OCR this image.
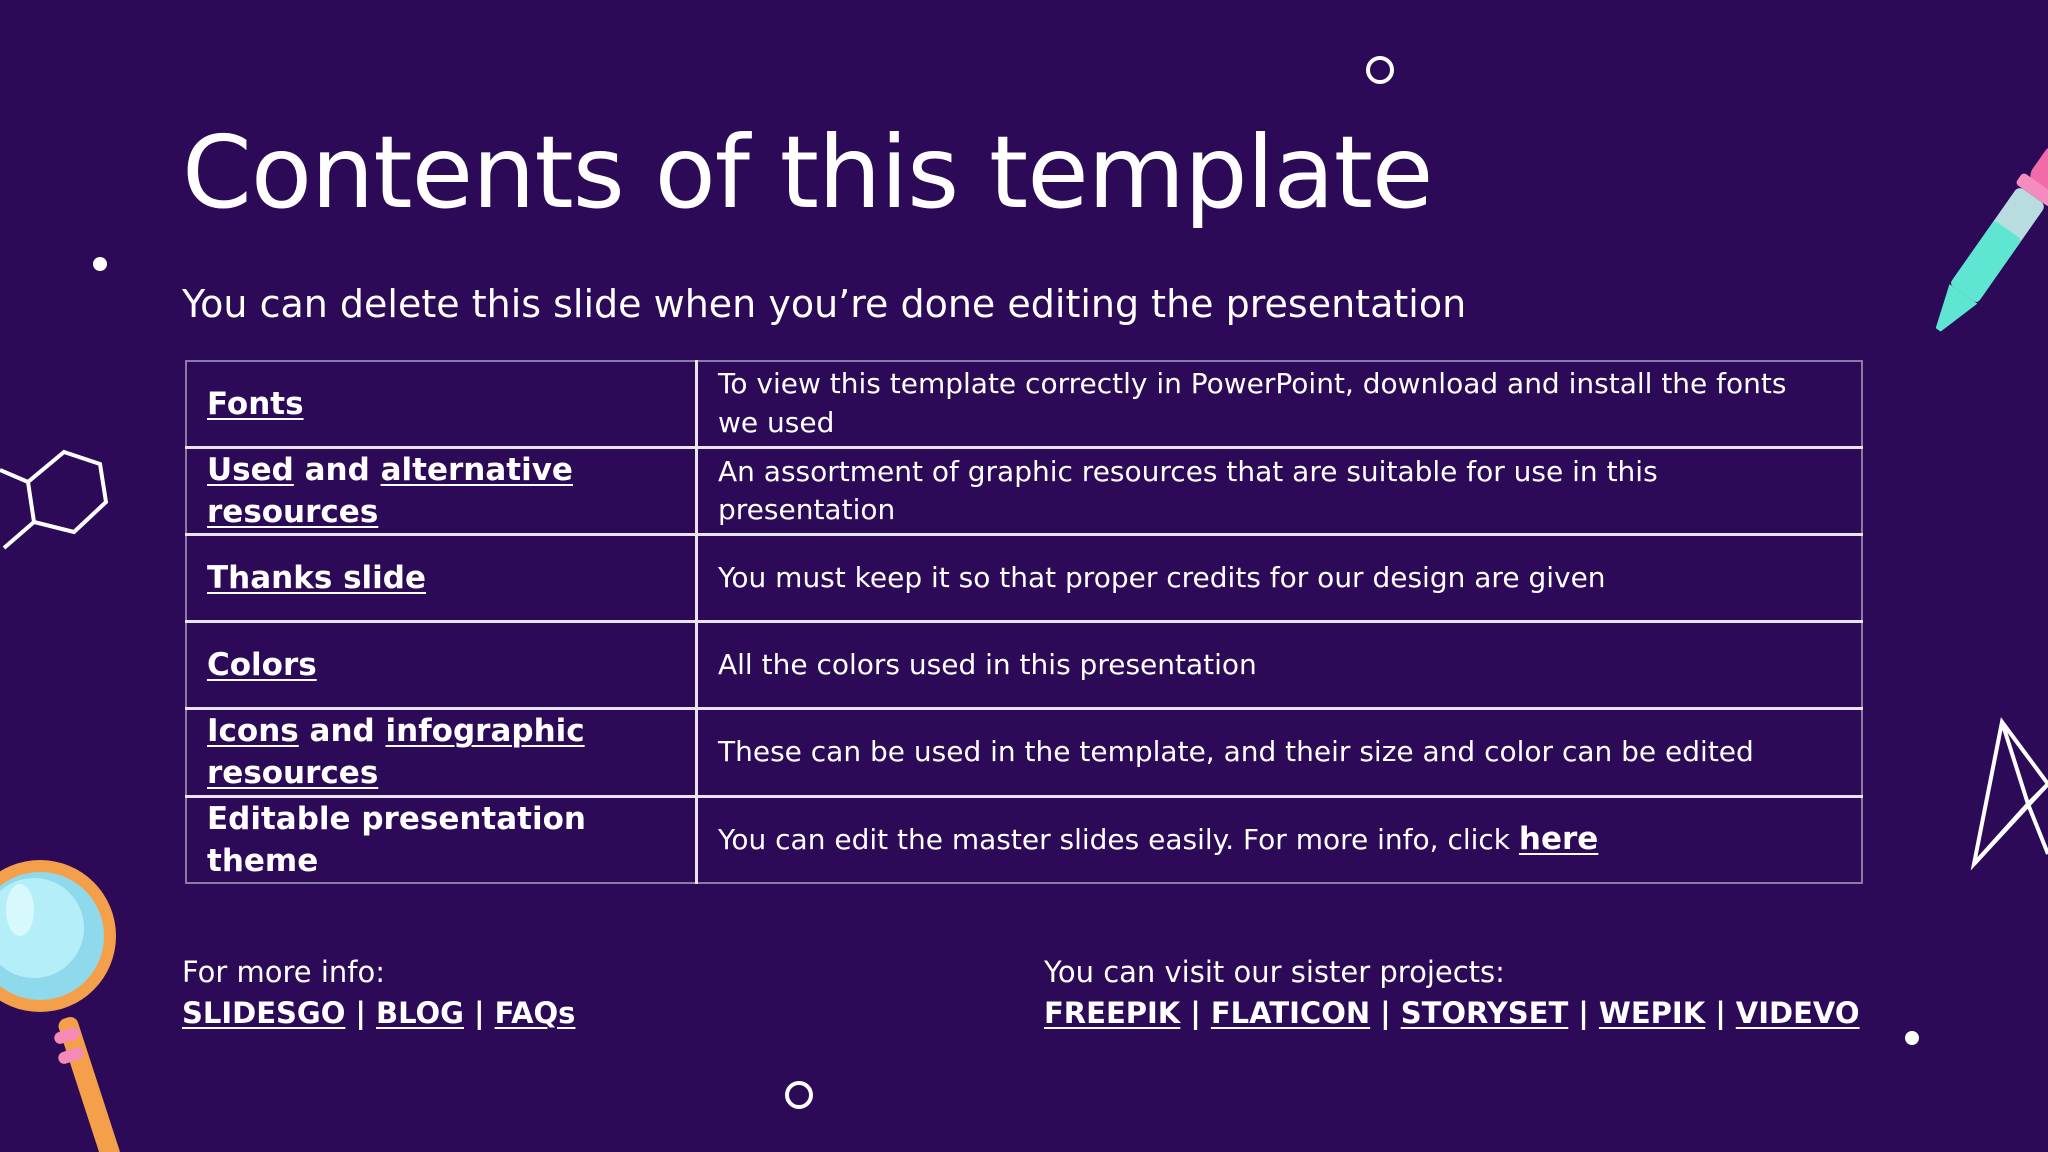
Contents of this template

You can delete this slide when you’re done editing the presentation

Fonts	To view this template correctly in PowerPoint, download and install the fonts we used
Used and alternative resources	An assortment of graphic resources that are suitable for use in this presentation
Thanks slide	You must keep it so that proper credits for our design are given
Colors	All the colors used in this presentation
Icons and infographic resources	These can be used in the template, and their size and color can be edited
Editable presentation theme	You can edit the master slides easily. For more info, click here
For more info:
SLIDESGO | BLOG | FAQs
You can visit our sister projects:
FREEPIK | FLATICON | STORYSET | WEPIK | VIDEVO
